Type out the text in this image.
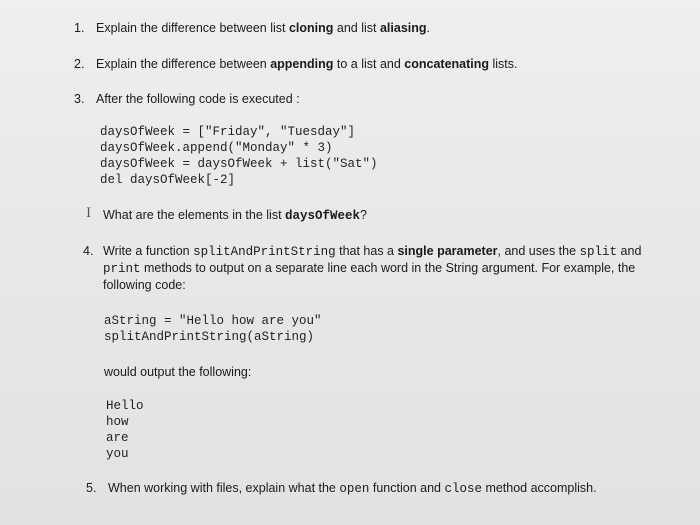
1. Explain the difference between list cloning and list aliasing.
2. Explain the difference between appending to a list and concatenating lists.
3. After the following code is executed :
daysOfWeek = ["Friday", "Tuesday"]
daysOfWeek.append("Monday" * 3)
daysOfWeek = daysOfWeek + list("Sat")
del daysOfWeek[-2]
I What are the elements in the list daysOfWeek?
4. Write a function splitAndPrintString that has a single parameter, and uses the split and
print methods to output on a separate line each word in the String argument. For example, the
following code:
aString = "Hello how are you"
splitAndPrintString(aString)
would output the following:
Hello
how
are
you
5. When working with files, explain what the open function and close method accomplish.
